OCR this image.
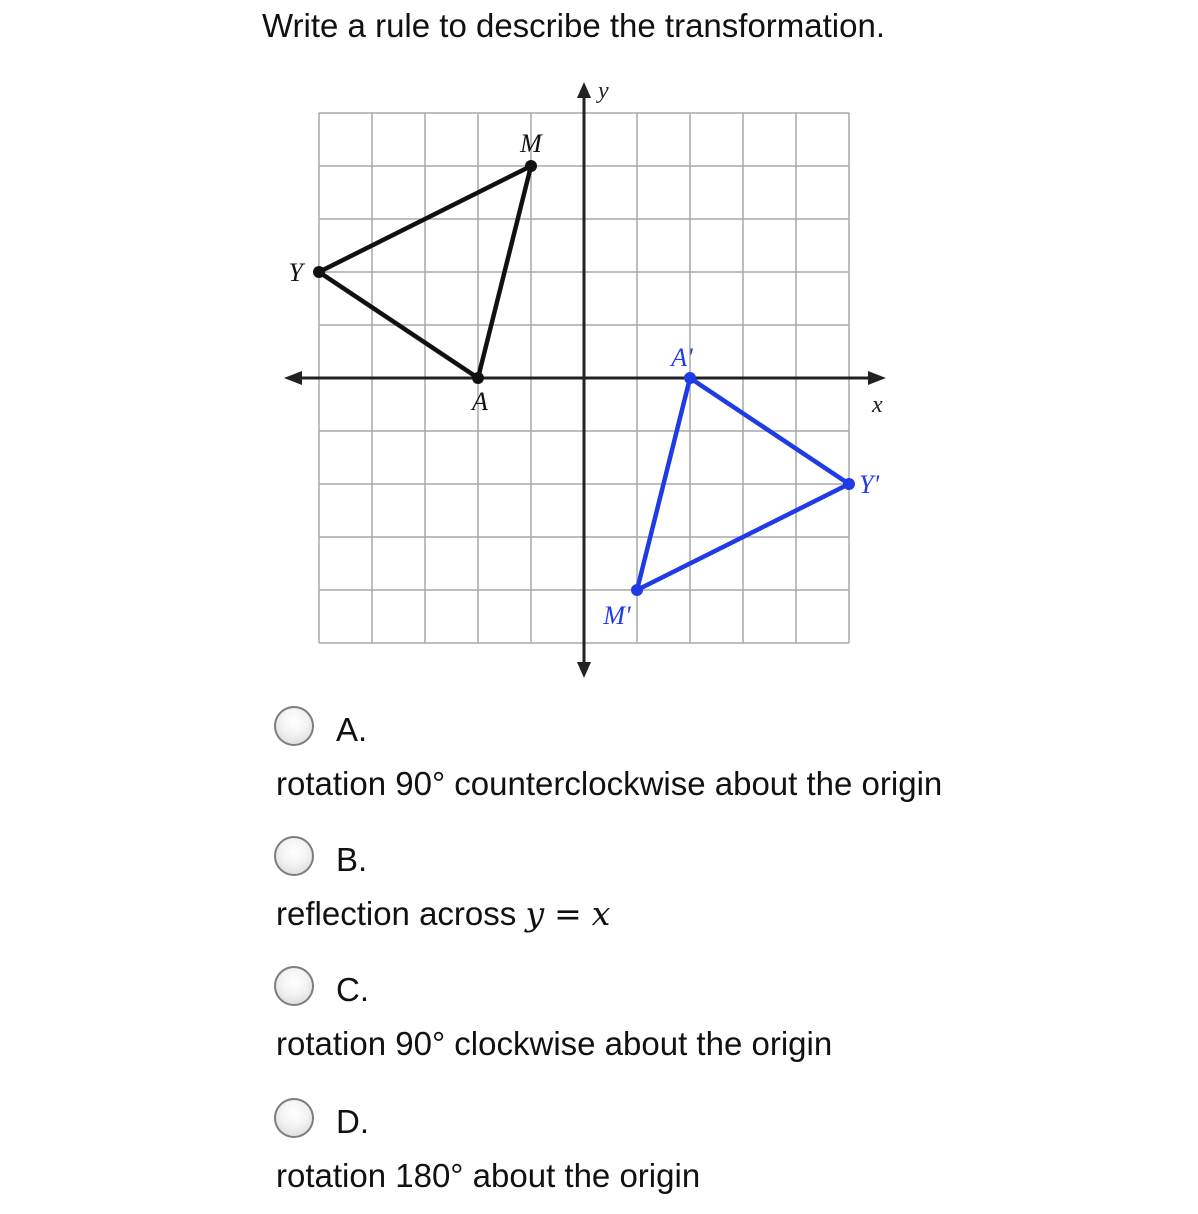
Write a rule to describe the transformation.
x
y
M
Y
A
A'
Y'
M'
A.
rotation 90° counterclockwise about the origin
B.
reflection across y = x
C.
rotation 90° clockwise about the origin
D.
rotation 180° about the origin
